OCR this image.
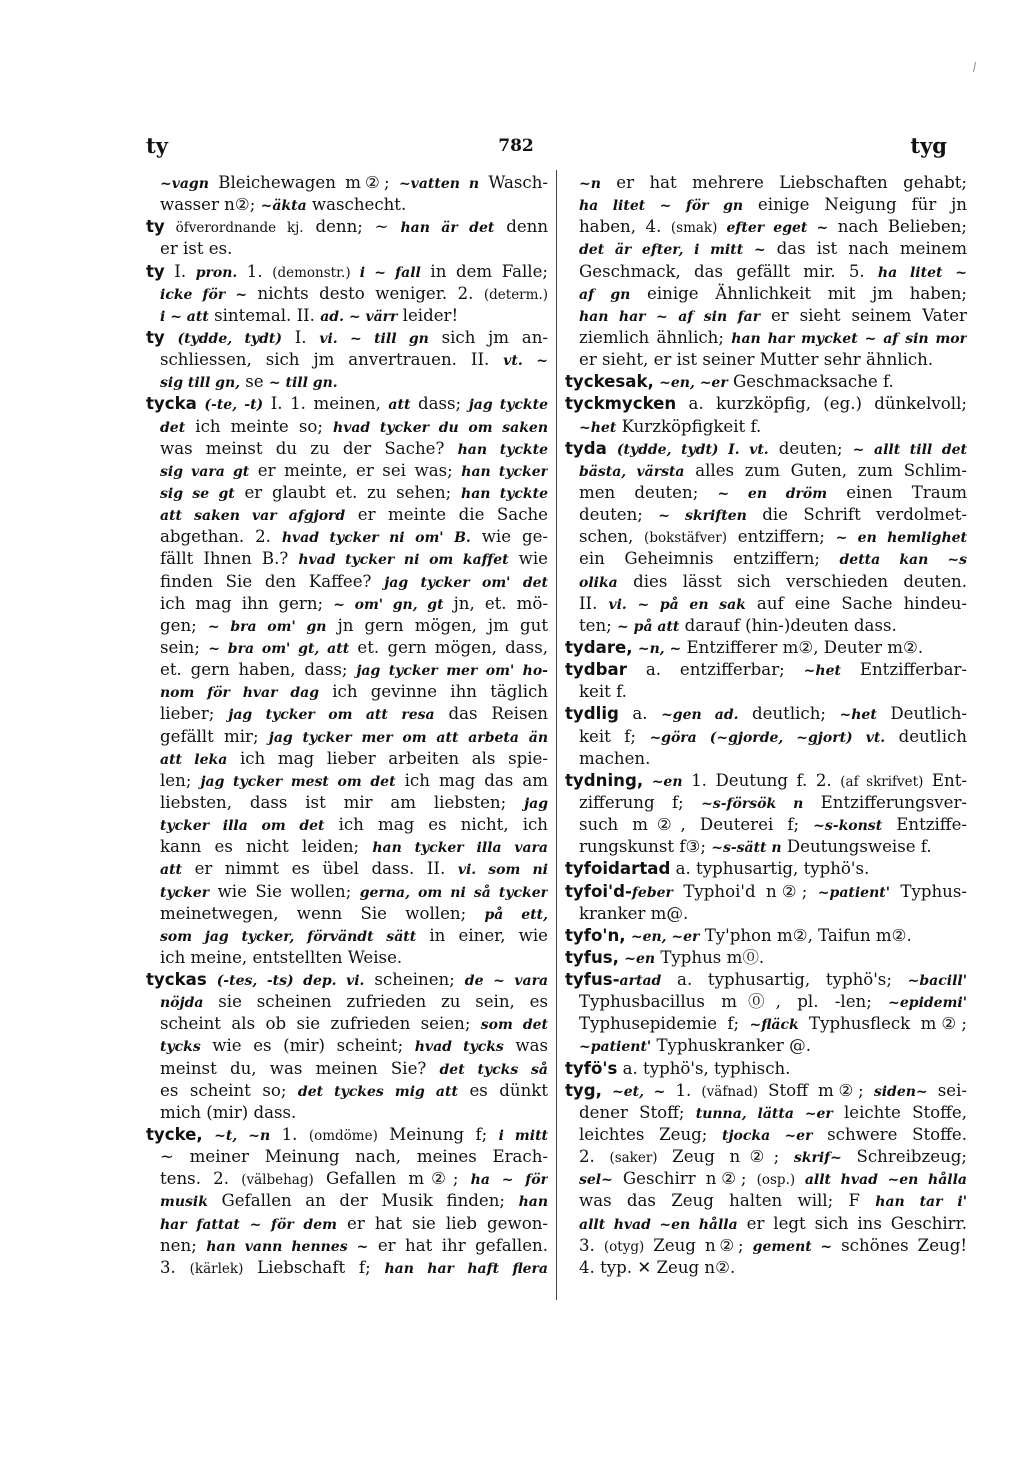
ty	782	tyg
~vagn Bleichewagen m②; ~vatten n Wasch-
wasser n②; ~äkta waschecht.
ty öfverordnande kj. denn; ~ han är det denn
er ist es.
ty I. pron. 1. (demonstr.) i ~ fall in dem Falle;
icke för ~ nichts desto weniger. 2. (determ.)
i ~ att sintemal. II. ad. ~ värr leider!
ty (tydde, tydt) I. vi. ~ till gn sich jm an-
schliessen, sich jm anvertrauen. II. vt. ~
sig till gn, se ~ till gn.
tycka (-te, -t) I. 1. meinen, att dass; jag tyckte
det ich meinte so; hvad tycker du om saken
was meinst du zu der Sache? han tyckte
sig vara gt er meinte, er sei was; han tycker
sig se gt er glaubt et. zu sehen; han tyckte
att saken var afgjord er meinte die Sache
abgethan. 2. hvad tycker ni om' B. wie ge-
fällt Ihnen B.? hvad tycker ni om kaffet wie
finden Sie den Kaffee? jag tycker om' det
ich mag ihn gern; ~ om' gn, gt jn, et. mö-
gen; ~ bra om' gn jn gern mögen, jm gut
sein; ~ bra om' gt, att et. gern mögen, dass,
et. gern haben, dass; jag tycker mer om' ho-
nom för hvar dag ich gevinne ihn täglich
lieber; jag tycker om att resa das Reisen
gefällt mir; jag tycker mer om att arbeta än
att leka ich mag lieber arbeiten als spie-
len; jag tycker mest om det ich mag das am
liebsten, dass ist mir am liebsten; jag
tycker illa om det ich mag es nicht, ich
kann es nicht leiden; han tycker illa vara
att er nimmt es übel dass. II. vi. som ni
tycker wie Sie wollen; gerna, om ni så tycker
meinetwegen, wenn Sie wollen; på ett,
som jag tycker, förvändt sätt in einer, wie
ich meine, entstellten Weise.
tyckas (-tes, -ts) dep. vi. scheinen; de ~ vara
nöjda sie scheinen zufrieden zu sein, es
scheint als ob sie zufrieden seien; som det
tycks wie es (mir) scheint; hvad tycks was
meinst du, was meinen Sie? det tycks så
es scheint so; det tyckes mig att es dünkt
mich (mir) dass.
tycke, ~t, ~n 1. (omdöme) Meinung f; i mitt
~ meiner Meinung nach, meines Erach-
tens. 2. (välbehag) Gefallen m②; ha ~ för
musik Gefallen an der Musik finden; han
har fattat ~ för dem er hat sie lieb gewon-
nen; han vann hennes ~ er hat ihr gefallen.
3. (kärlek) Liebschaft f; han har haft flera
~n er hat mehrere Liebschaften gehabt;
ha litet ~ för gn einige Neigung für jn
haben, 4. (smak) efter eget ~ nach Belieben;
det är efter, i mitt ~ das ist nach meinem
Geschmack, das gefällt mir. 5. ha litet ~
af gn einige Ähnlichkeit mit jm haben;
han har ~ af sin far er sieht seinem Vater
ziemlich ähnlich; han har mycket ~ af sin mor
er sieht, er ist seiner Mutter sehr ähnlich.
tyckesak, ~en, ~er Geschmacksache f.
tyckmycken a. kurzköpfig, (eg.) dünkelvoll;
~het Kurzköpfigkeit f.
tyda (tydde, tydt) I. vt. deuten; ~ allt till det
bästa, värsta alles zum Guten, zum Schlim-
men deuten; ~ en dröm einen Traum
deuten; ~ skriften die Schrift verdolmet-
schen, (bokstäfver) entziffern; ~ en hemlighet
ein Geheimnis entziffern; detta kan ~s
olika dies lässt sich verschieden deuten.
II. vi. ~ på en sak auf eine Sache hindeu-
ten; ~ på att darauf (hin-)deuten dass.
tydare, ~n, ~ Entzifferer m②, Deuter m②.
tydbar a. entzifferbar; ~het Entzifferbar-
keit f.
tydlig a. ~gen ad. deutlich; ~het Deutlich-
keit f; ~göra (~gjorde, ~gjort) vt. deutlich
machen.
tydning, ~en 1. Deutung f. 2. (af skrifvet) Ent-
zifferung f; ~s-försök n Entzifferungsver-
such m②, Deuterei f; ~s-konst Entziffe-
rungskunst f③; ~s-sätt n Deutungsweise f.
tyfoidartad a. typhusartig, typhö's.
tyfoi'd-feber Typhoi'd n②; ~patient' Typhus-
kranker m@.
tyfo'n, ~en, ~er Ty'phon m②, Taifun m②.
tyfus, ~en Typhus m⓪.
tyfus-artad a. typhusartig, typhö's; ~bacill'
Typhusbacillus m⓪, pl. -len; ~epidemi'
Typhusepidemie f; ~fläck Typhusfleck m②;
~patient' Typhuskranker @.
tyfö's a. typhö's, typhisch.
tyg, ~et, ~ 1. (väfnad) Stoff m②; siden~ sei-
dener Stoff; tunna, lätta ~er leichte Stoffe,
leichtes Zeug; tjocka ~er schwere Stoffe.
2. (saker) Zeug n②; skrif~ Schreibzeug;
sel~ Geschirr n②; (osp.) allt hvad ~en hålla
was das Zeug halten will; F han tar i'
allt hvad ~en hålla er legt sich ins Geschirr.
3. (otyg) Zeug n②; gement ~ schönes Zeug!
4. typ. ✕ Zeug n②.
